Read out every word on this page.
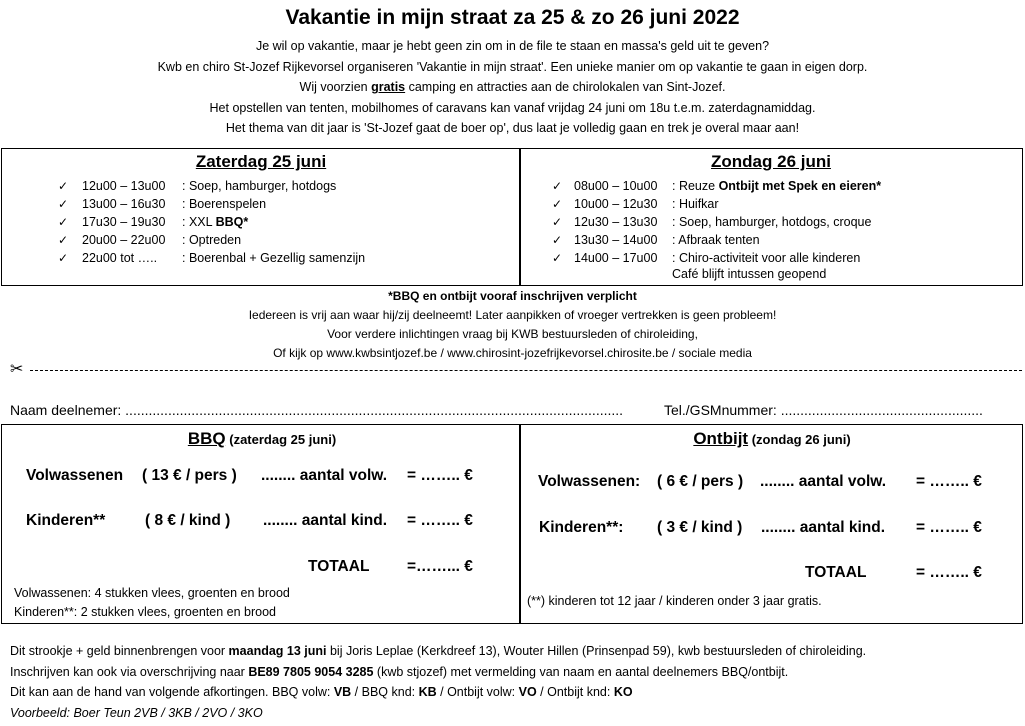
Vakantie in mijn straat za 25 & zo 26 juni 2022

Je wil op vakantie, maar je hebt geen zin om in de file te staan en massa's geld uit te geven?

Kwb en chiro St-Jozef Rijkevorsel organiseren 'Vakantie in mijn straat'. Een unieke manier om op vakantie te gaan in eigen dorp.

Wij voorzien gratis camping en attracties aan de chirolokalen van Sint-Jozef.

Het opstellen van tenten, mobilhomes of caravans kan vanaf vrijdag 24 juni om 18u t.e.m. zaterdagnamiddag.

Het thema van dit jaar is 'St-Jozef gaat de boer op', dus laat je volledig gaan en trek je overal maar aan!

Zaterdag 25 juni
✓ 12u00 – 13u00 : Soep, hamburger, hotdogs
✓ 13u00 – 16u30 : Boerenspelen
✓ 17u30 – 19u30 : XXL BBQ*
✓ 20u00 – 22u00 : Optreden
✓ 22u00 tot ….. : Boerenbal + Gezellig samenzijn
Zondag 26 juni
✓ 08u00 – 10u00 : Reuze Ontbijt met Spek en eieren*
✓ 10u00 – 12u30 : Huifkar
✓ 12u30 – 13u30 : Soep, hamburger, hotdogs, croque
✓ 13u30 – 14u00 : Afbraak tenten
✓ 14u00 – 17u00 : Chiro-activiteit voor alle kinderen
Café blijft intussen geopend

*BBQ en ontbijt vooraf inschrijven verplicht

Iedereen is vrij aan waar hij/zij deelneemt! Later aanpikken of vroeger vertrekken is geen probleem!

Voor verdere inlichtingen vraag bij KWB bestuursleden of chiroleiding,

Of kijk op www.kwbsintjozef.be / www.chirosint-jozefrijkevorsel.chirosite.be / sociale media

✂
Naam deelnemer: ................................................................................................................................	Tel./GSMnummer: ....................................................
BBQ (zaterdag 25 juni)
Volwassenen ( 13 € / pers ) ........ aantal volw. = …….. €
Kinderen**	( 8 € / kind ) ........ aantal kind. = …….. €
TOTAAL =……... €
Volwassenen: 4 stukken vlees, groenten en brood
Kinderen**: 2 stukken vlees, groenten en brood
Ontbijt (zondag 26 juni)
Volwassenen: ( 6 € / pers ) ........ aantal volw. = …….. €
Kinderen**: ( 3 € / kind ) ........ aantal kind. = …….. €
TOTAAL	= …….. €
(**) kinderen tot 12 jaar / kinderen onder 3 jaar gratis.

Dit strookje + geld binnenbrengen voor maandag 13 juni bij Joris Leplae (Kerkdreef 13), Wouter Hillen (Prinsenpad 59), kwb bestuursleden of chiroleiding.

Inschrijven kan ook via overschrijving naar BE89 7805 9054 3285 (kwb stjozef) met vermelding van naam en aantal deelnemers BBQ/ontbijt.

Dit kan aan de hand van volgende afkortingen. BBQ volw: VB / BBQ knd: KB / Ontbijt volw: VO / Ontbijt knd: KO

Voorbeeld: Boer Teun 2VB / 3KB / 2VO / 3KO
